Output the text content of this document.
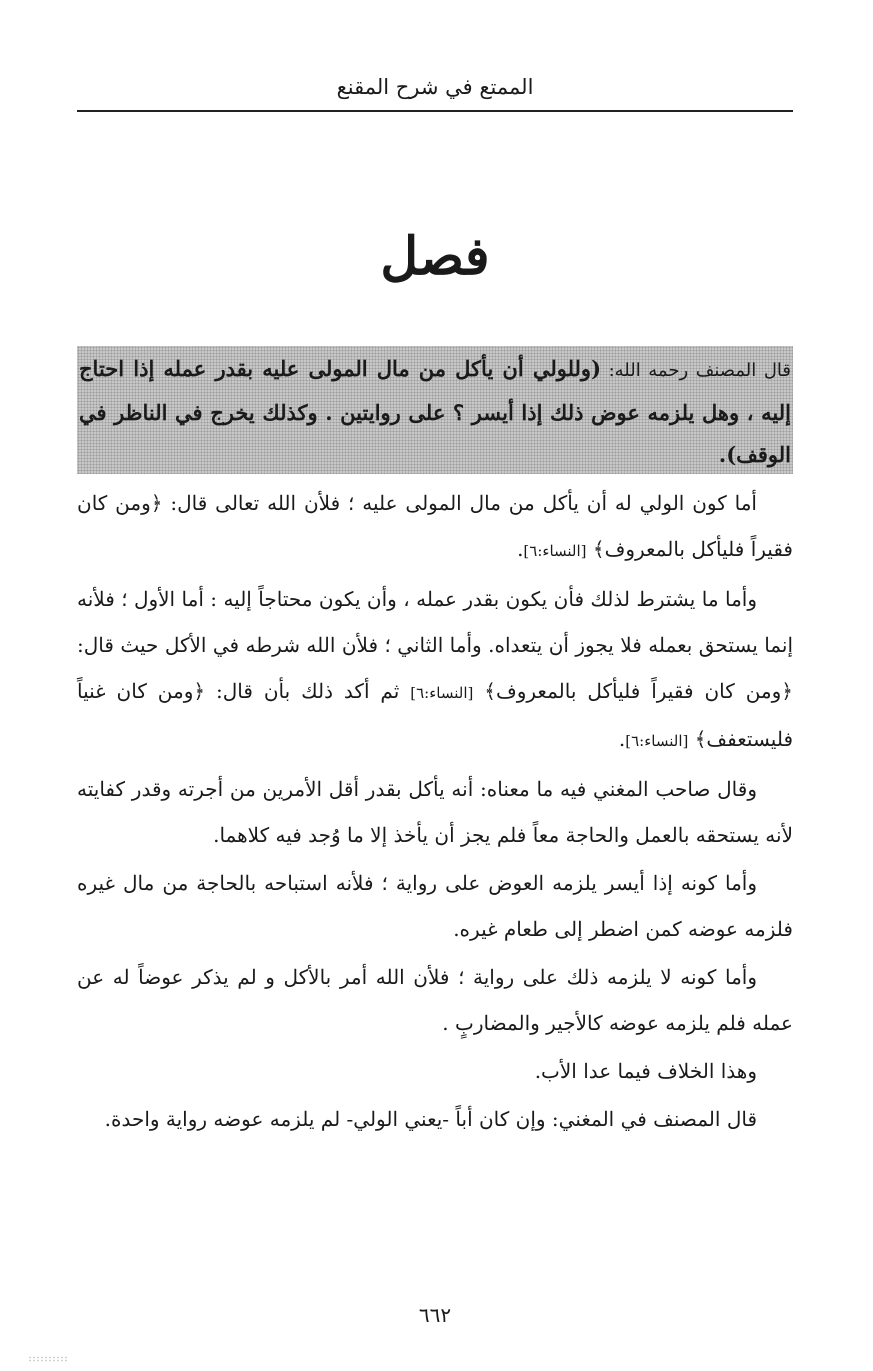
الممتع في شرح المقنع
فصل
قال المصنف رحمه الله: (وللولي أن يأكل من مال المولى عليه بقدر عمله إذا احتاج إليه ، وهل يلزمه عوض ذلك إذا أيسر ؟ على روايتين . وكذلك يخرج في الناظر في الوقف).

أما كون الولي له أن يأكل من مال المولى عليه ؛ فلأن الله تعالى قال: ﴿ومن كان فقيراً فليأكل بالمعروف﴾ [النساء:٦].

وأما ما يشترط لذلك فأن يكون بقدر عمله ، وأن يكون محتاجاً إليه : أما الأول ؛ فلأنه إنما يستحق بعمله فلا يجوز أن يتعداه. وأما الثاني ؛ فلأن الله شرطه في الأكل حيث قال: ﴿ومن كان فقيراً فليأكل بالمعروف﴾ [النساء:٦] ثم أكد ذلك بأن قال: ﴿ومن كان غنياً فليستعفف﴾ [النساء:٦].

وقال صاحب المغني فيه ما معناه: أنه يأكل بقدر أقل الأمرين من أجرته وقدر كفايته لأنه يستحقه بالعمل والحاجة معاً فلم يجز أن يأخذ إلا ما وُجد فيه كلاهما.

وأما كونه إذا أيسر يلزمه العوض على رواية ؛ فلأنه استباحه بالحاجة من مال غيره فلزمه عوضه كمن اضطر إلى طعام غيره.

وأما كونه لا يلزمه ذلك على رواية ؛ فلأن الله أمر بالأكل و لم يذكر عوضاً له عن عمله فلم يلزمه عوضه كالأجير والمضاربٍ .

وهذا الخلاف فيما عدا الأب.

قال المصنف في المغني: وإن كان أباً -يعني الولي- لم يلزمه عوضه رواية واحدة.

٦٦٢
